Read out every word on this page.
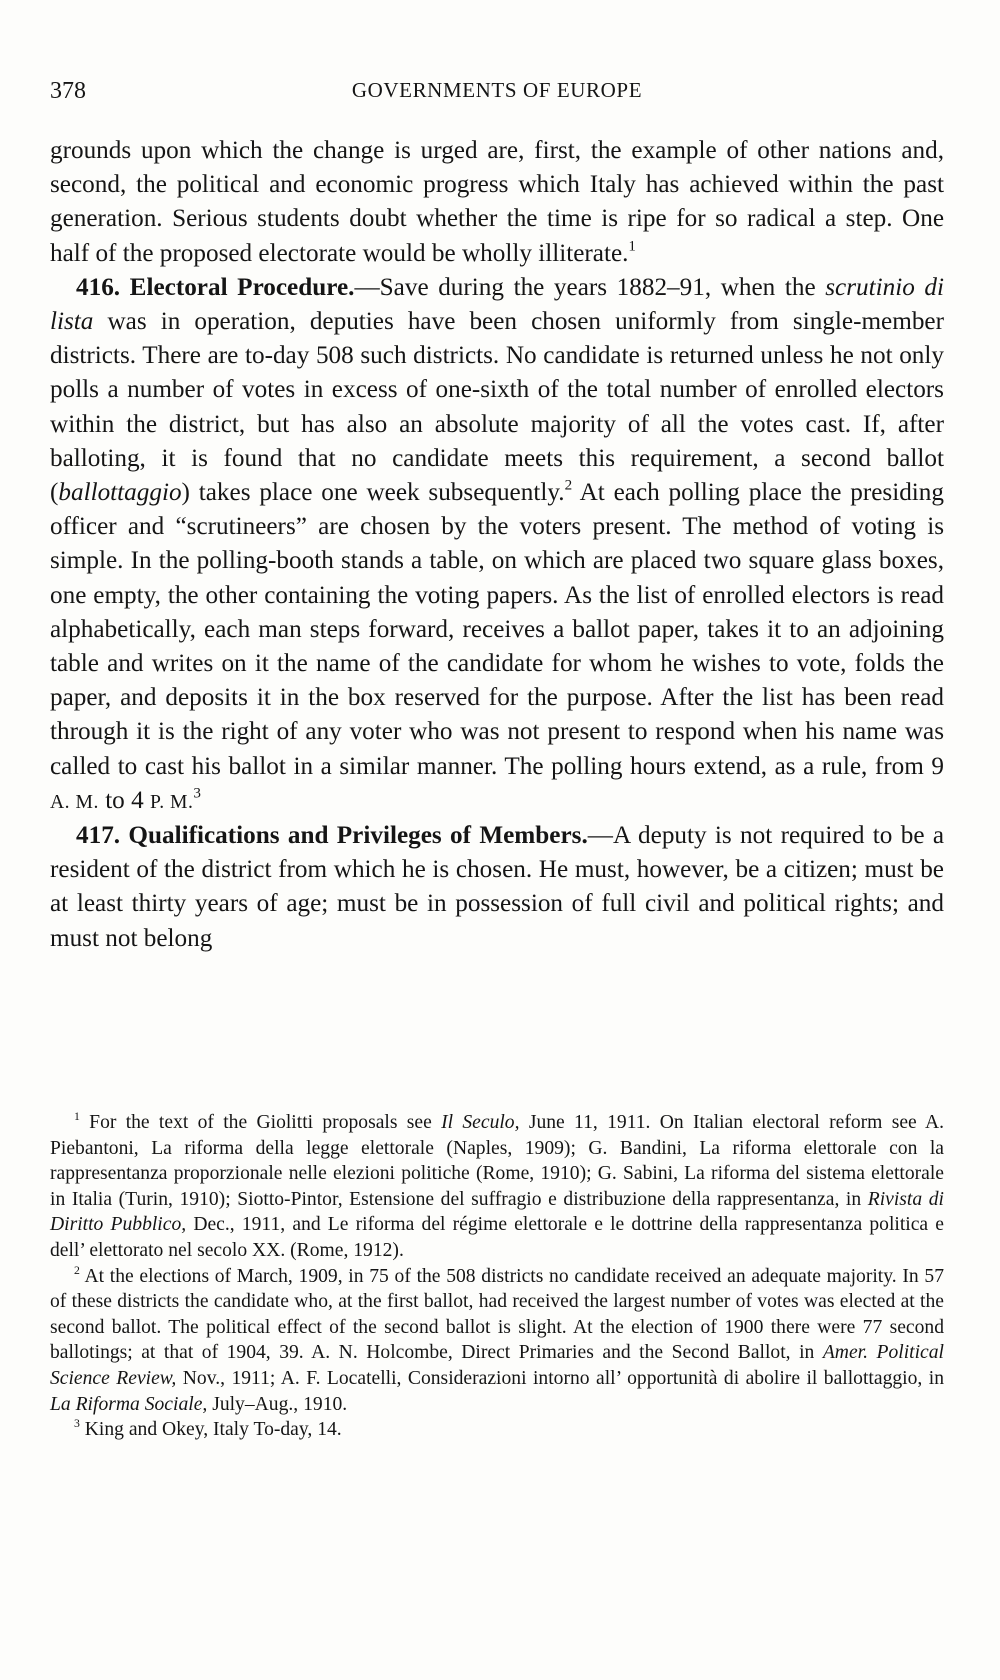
378	GOVERNMENTS OF EUROPE

grounds upon which the change is urged are, first, the example of other nations and, second, the political and economic progress which Italy has achieved within the past generation. Serious students doubt whether the time is ripe for so radical a step. One half of the proposed electorate would be wholly illiterate.$^1$

416. Electoral Procedure.—Save during the years 1882–91, when the scrutinio di lista was in operation, deputies have been chosen uniformly from single-member districts. There are to-day 508 such districts. No candidate is returned unless he not only polls a number of votes in excess of one-sixth of the total number of enrolled electors within the district, but has also an absolute majority of all the votes cast. If, after balloting, it is found that no candidate meets this requirement, a second ballot (ballottaggio) takes place one week subsequently.$^2$ At each polling place the presiding officer and “scrutineers” are chosen by the voters present. The method of voting is simple. In the polling-booth stands a table, on which are placed two square glass boxes, one empty, the other containing the voting papers. As the list of enrolled electors is read alphabetically, each man steps forward, receives a ballot paper, takes it to an adjoining table and writes on it the name of the candidate for whom he wishes to vote, folds the paper, and deposits it in the box reserved for the purpose. After the list has been read through it is the right of any voter who was not present to respond when his name was called to cast his ballot in a similar manner. The polling hours extend, as a rule, from 9 A. M. to 4 P. M.$^3$

417. Qualifications and Privileges of Members.—A deputy is not required to be a resident of the district from which he is chosen. He must, however, be a citizen; must be at least thirty years of age; must be in possession of full civil and political rights; and must not belong

$^1$ For the text of the Giolitti proposals see Il Seculo, June 11, 1911. On Italian electoral reform see A. Piebantoni, La riforma della legge elettorale (Naples, 1909); G. Bandini, La riforma elettorale con la rappresentanza proporzionale nelle elezioni politiche (Rome, 1910); G. Sabini, La riforma del sistema elettorale in Italia (Turin, 1910); Siotto-Pintor, Estensione del suffragio e distribuzione della rappresentanza, in Rivista di Diritto Pubblico, Dec., 1911, and Le riforma del régime elettorale e le dottrine della rappresentanza politica e dell’ elettorato nel secolo XX. (Rome, 1912).

$^2$ At the elections of March, 1909, in 75 of the 508 districts no candidate received an adequate majority. In 57 of these districts the candidate who, at the first ballot, had received the largest number of votes was elected at the second ballot. The political effect of the second ballot is slight. At the election of 1900 there were 77 second ballotings; at that of 1904, 39. A. N. Holcombe, Direct Primaries and the Second Ballot, in Amer. Political Science Review, Nov., 1911; A. F. Locatelli, Considerazioni intorno all’ opportunità di abolire il ballottaggio, in La Riforma Sociale, July–Aug., 1910.

$^3$ King and Okey, Italy To-day, 14.
